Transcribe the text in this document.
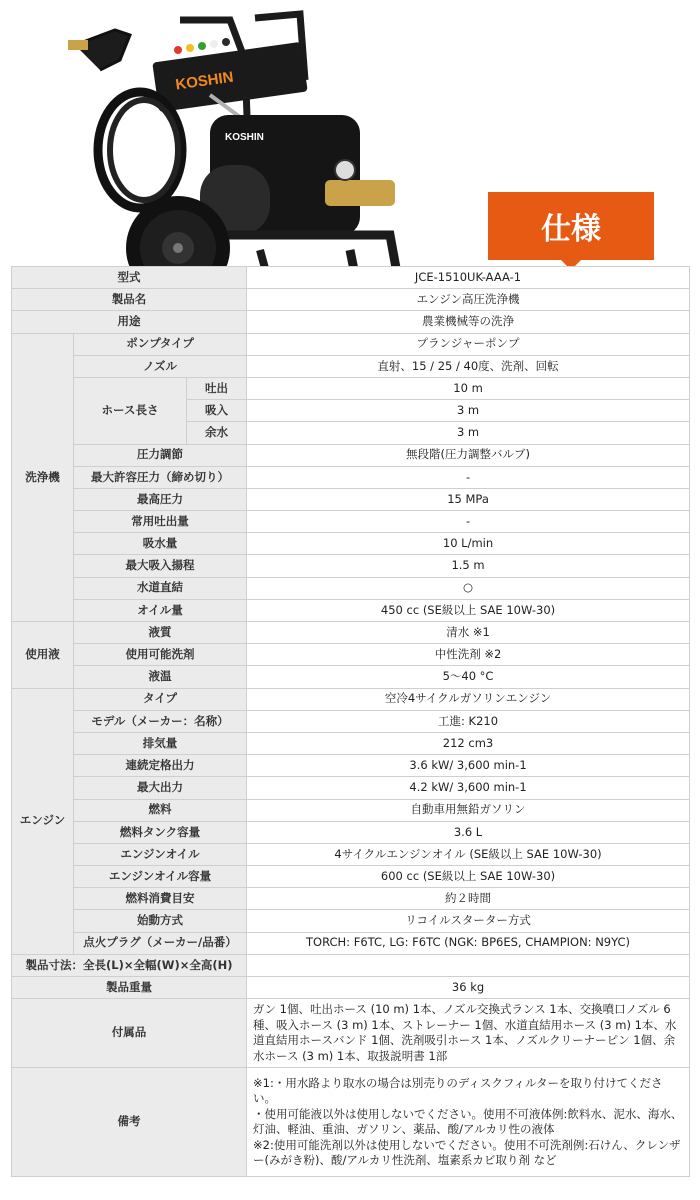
KOSHIN
KOSHIN
仕様
型式			JCE-1510UK-AAA-1
製品名			エンジン高圧洗浄機
用途			農業機械等の洗浄
洗浄機	ポンプタイプ		プランジャーポンプ
	ノズル		直射、15 / 25 / 40度、洗剤、回転
	ホース長さ	吐出	10 m
		吸入	3 m
		余水	3 m
	圧力調節		無段階(圧力調整バルブ)
	最大許容圧力（締め切り）		-
	最高圧力		15 MPa
	常用吐出量		-
	吸水量		10 L/min
	最大吸入揚程		1.5 m
	水道直結		○
	オイル量		450 cc (SE級以上 SAE 10W-30)
使用液	液質		清水 ※1
	使用可能洗剤		中性洗剤 ※2
	液温		5〜40 °C
エンジン	タイプ		空冷4サイクルガソリンエンジン
	モデル（メーカー：名称）		工進: K210
	排気量		212 cm3
	連続定格出力		3.6 kW/ 3,600 min-1
	最大出力		4.2 kW/ 3,600 min-1
	燃料		自動車用無鉛ガソリン
	燃料タンク容量		3.6 L
	エンジンオイル		4サイクルエンジンオイル (SE級以上 SAE 10W-30)
	エンジンオイル容量		600 cc (SE級以上 SAE 10W-30)
	燃料消費目安		約２時間
	始動方式		リコイルスターター方式
	点火プラグ（メーカー/品番）		TORCH: F6TC, LG: F6TC (NGK: BP6ES, CHAMPION: N9YC)
製品寸法：全長(L)×全幅(W)×全高(H)			
製品重量			36 kg
付属品			ガン 1個、吐出ホース (10 m) 1本、ノズル交換式ランス 1本、交換噴口ノズル 6種、吸入ホース (3 m) 1本、ストレーナー 1個、水道直結用ホース (3 m) 1本、水道直結用ホースバンド 1個、洗剤吸引ホース 1本、ノズルクリーナーピン 1個、余水ホース (3 m) 1本、取扱説明書 1部
備考			※1:・用水路より取水の場合は別売りのディスクフィルターを取り付けてください。
・使用可能液以外は使用しないでください。使用不可液体例:飲料水、泥水、海水、灯油、軽油、重油、ガソリン、薬品、酸/アルカリ性の液体
※2:使用可能洗剤以外は使用しないでください。使用不可洗剤例:石けん、クレンザー(みがき粉)、酸/アルカリ性洗剤、塩素系カビ取り剤 など
